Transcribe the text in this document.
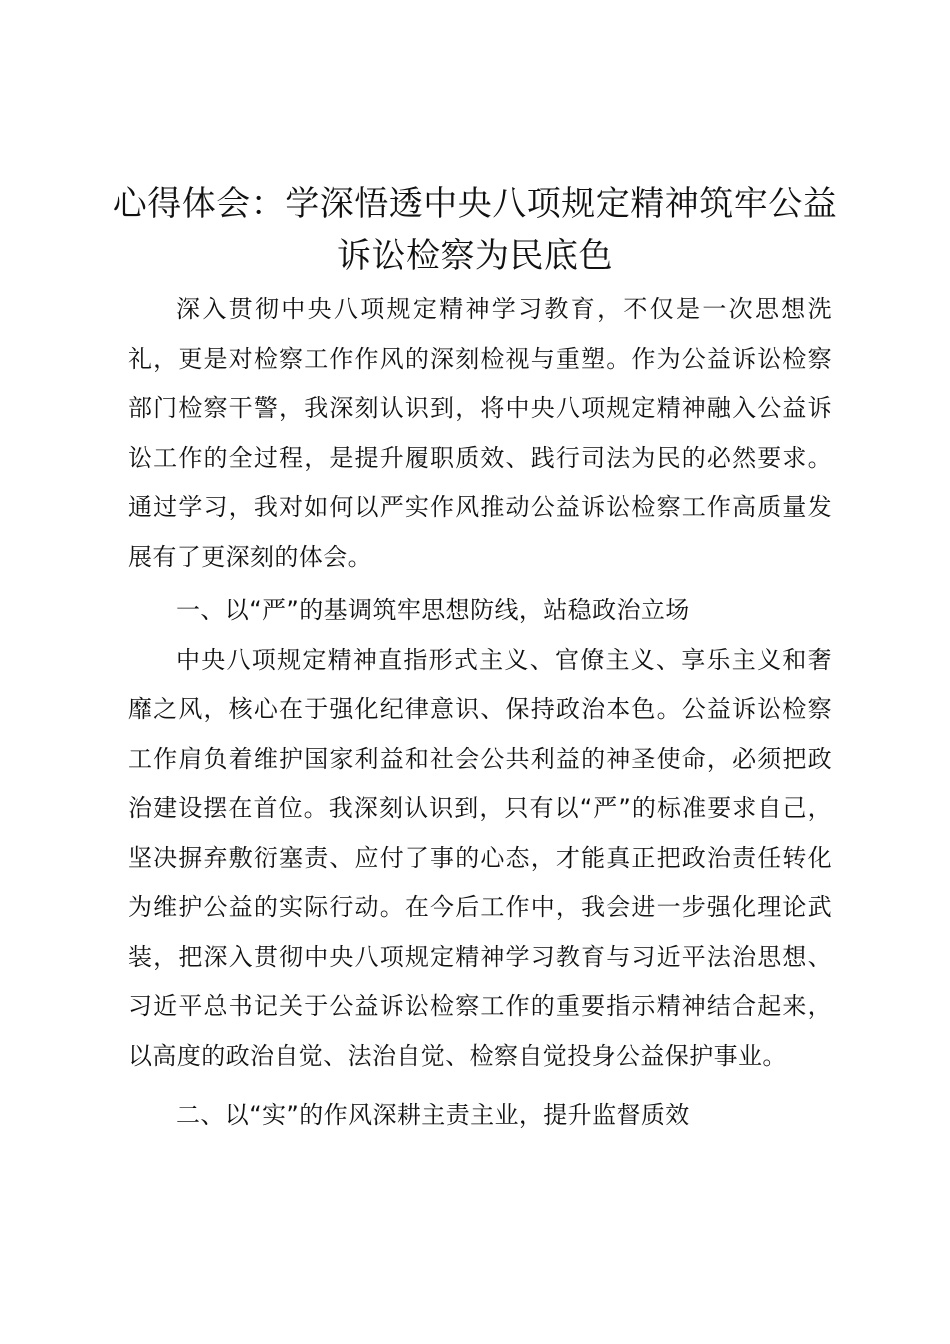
心得体会：学深悟透中央八项规定精神筑牢公益诉讼检察为民底色

深入贯彻中央八项规定精神学习教育，不仅是一次思想洗礼，更是对检察工作作风的深刻检视与重塑。作为公益诉讼检察部门检察干警，我深刻认识到，将中央八项规定精神融入公益诉讼工作的全过程，是提升履职质效、践行司法为民的必然要求。通过学习，我对如何以严实作风推动公益诉讼检察工作高质量发展有了更深刻的体会。

一、以“严”的基调筑牢思想防线，站稳政治立场

中央八项规定精神直指形式主义、官僚主义、享乐主义和奢靡之风，核心在于强化纪律意识、保持政治本色。公益诉讼检察工作肩负着维护国家利益和社会公共利益的神圣使命，必须把政治建设摆在首位。我深刻认识到，只有以“严”的标准要求自己，坚决摒弃敷衍塞责、应付了事的心态，才能真正把政治责任转化为维护公益的实际行动。在今后工作中，我会进一步强化理论武装，把深入贯彻中央八项规定精神学习教育与习近平法治思想、习近平总书记关于公益诉讼检察工作的重要指示精神结合起来，以高度的政治自觉、法治自觉、检察自觉投身公益保护事业。

二、以“实”的作风深耕主责主业，提升监督质效
